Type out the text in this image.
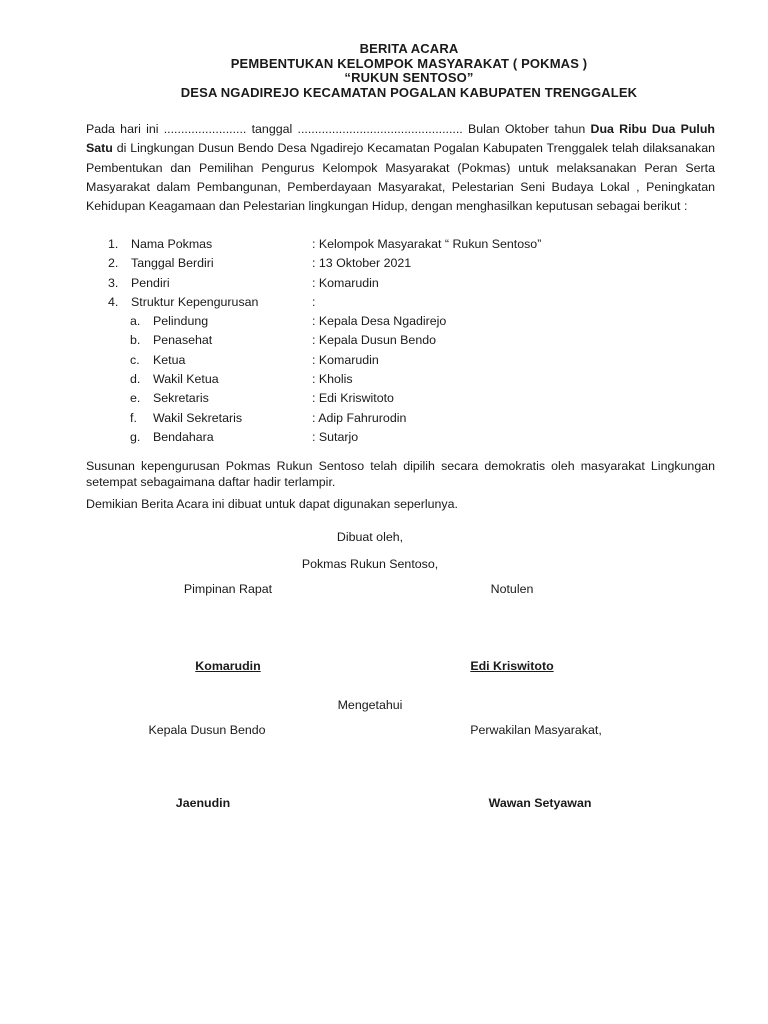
BERITA ACARA
PEMBENTUKAN KELOMPOK MASYARAKAT ( POKMAS )
“RUKUN SENTOSO”
DESA NGADIREJO KECAMATAN POGALAN KABUPATEN TRENGGALEK
Pada hari ini ........................ tanggal ................................................ Bulan Oktober tahun Dua Ribu Dua Puluh Satu di Lingkungan Dusun Bendo Desa Ngadirejo Kecamatan Pogalan Kabupaten Trenggalek telah dilaksanakan Pembentukan dan Pemilihan Pengurus Kelompok Masyarakat (Pokmas) untuk melaksanakan Peran Serta Masyarakat dalam Pembangunan, Pemberdayaan Masyarakat, Pelestarian Seni Budaya Lokal , Peningkatan Kehidupan Keagamaan dan Pelestarian lingkungan Hidup, dengan menghasilkan keputusan sebagai berikut :
1. Nama Pokmas	: Kelompok Masyarakat “ Rukun Sentoso”
2. Tanggal Berdiri	: 13 Oktober 2021
3. Pendiri	: Komarudin
4. Struktur Kepengurusan	:
a. Pelindung	: Kepala Desa Ngadirejo
b. Penasehat	: Kepala Dusun Bendo
c. Ketua	: Komarudin
d. Wakil Ketua	: Kholis
e. Sekretaris	: Edi Kriswitoto
f. Wakil Sekretaris	: Adip Fahrurodin
g. Bendahara	: Sutarjo
Susunan kepengurusan Pokmas Rukun Sentoso telah dipilih secara demokratis oleh masyarakat Lingkungan setempat sebagaimana daftar hadir terlampir.
Demikian Berita Acara ini dibuat untuk dapat digunakan seperlunya.
Dibuat oleh,
Pokmas Rukun Sentoso,
Pimpinan Rapat	Notulen
Komarudin	Edi Kriswitoto
Mengetahui
Kepala Dusun Bendo	Perwakilan Masyarakat,
Jaenudin	Wawan Setyawan
